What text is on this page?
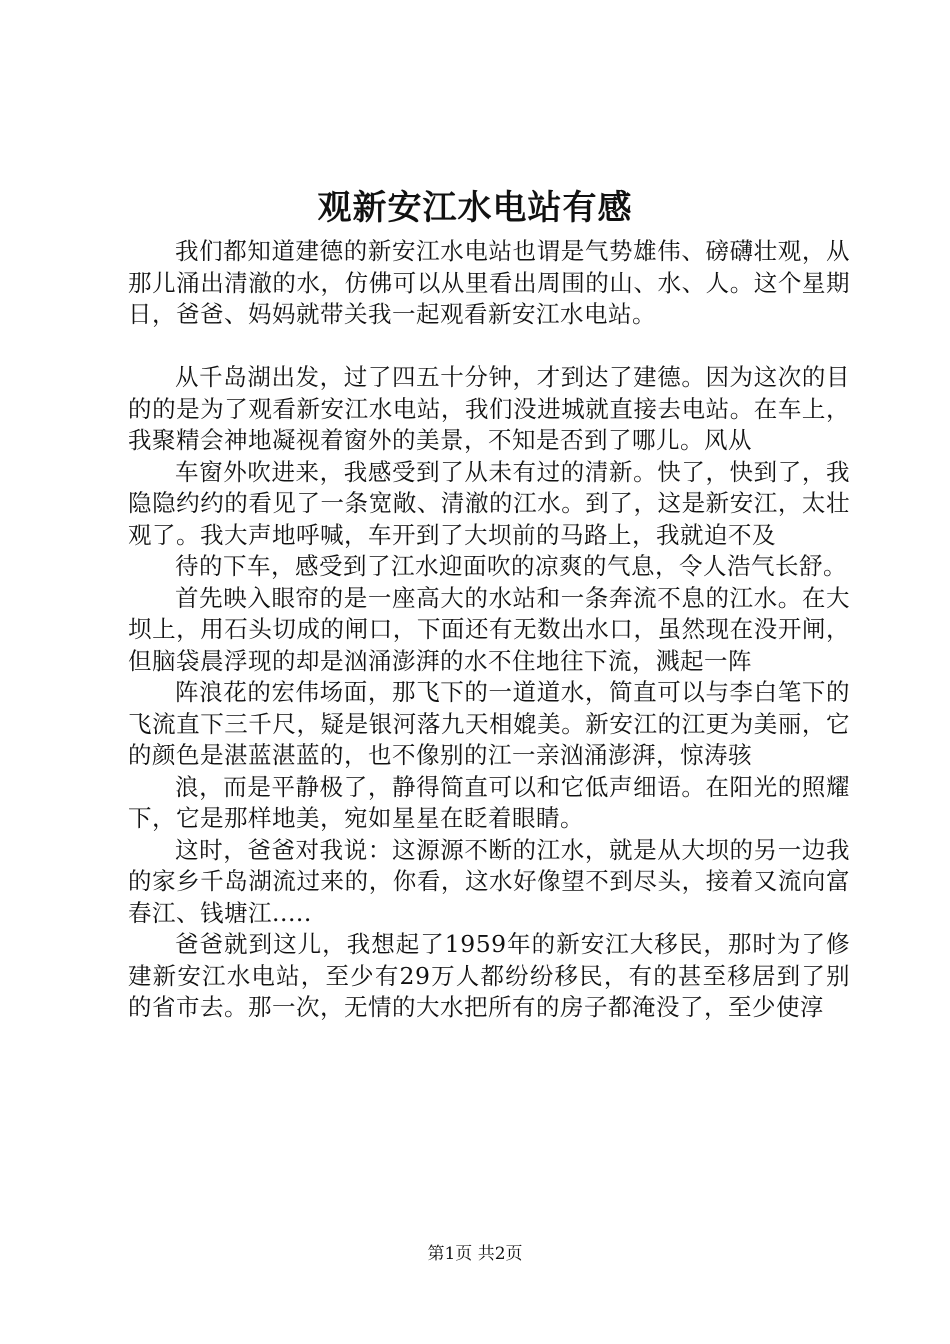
观新安江水电站有感

我们都知道建德的新安江水电站也谓是气势雄伟、磅礴壮观，从那儿涌出清澈的水，仿佛可以从里看出周围的山、水、人。这个星期日，爸爸、妈妈就带关我一起观看新安江水电站。

从千岛湖出发，过了四五十分钟，才到达了建德。因为这次的目的的是为了观看新安江水电站，我们没进城就直接去电站。在车上，我聚精会神地凝视着窗外的美景，不知是否到了哪儿。风从

车窗外吹进来，我感受到了从未有过的清新。快了，快到了，我隐隐约约的看见了一条宽敞、清澈的江水。到了，这是新安江，太壮观了。我大声地呼喊，车开到了大坝前的马路上，我就迫不及

待的下车，感受到了江水迎面吹的凉爽的气息，令人浩气长舒。

首先映入眼帘的是一座高大的水站和一条奔流不息的江水。在大坝上，用石头切成的闸口，下面还有无数出水口，虽然现在没开闸，但脑袋晨浮现的却是汹涌澎湃的水不住地往下流，溅起一阵

阵浪花的宏伟场面，那飞下的一道道水，简直可以与李白笔下的飞流直下三千尺，疑是银河落九天相媲美。新安江的江更为美丽，它的颜色是湛蓝湛蓝的，也不像别的江一亲汹涌澎湃，惊涛骇

浪，而是平静极了，静得简直可以和它低声细语。在阳光的照耀下，它是那样地美，宛如星星在眨着眼睛。

这时，爸爸对我说：这源源不断的江水，就是从大坝的另一边我的家乡千岛湖流过来的，你看，这水好像望不到尽头，接着又流向富春江、钱塘江.....

爸爸就到这儿，我想起了1959年的新安江大移民，那时为了修建新安江水电站，至少有29万人都纷纷移民，有的甚至移居到了别的省市去。那一次，无情的大水把所有的房子都淹没了，至少使淳

第1页 共2页
